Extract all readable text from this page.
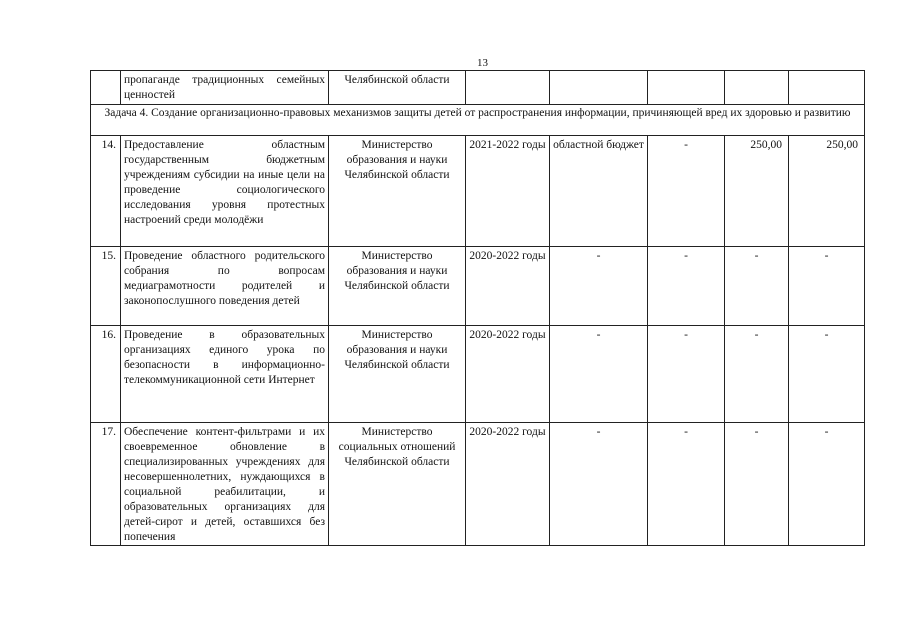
13
	пропаганде традиционных семейных ценностей	Челябинской области					
Задача 4. Создание организационно-правовых механизмов защиты детей от распространения информации, причиняющей вред их здоровью и развитию							
14.	Предоставление областным государственным бюджетным учреждениям субсидии на иные цели на проведение социологического исследования уровня протестных настроений среди молодёжи	Министерство образования и науки Челябинской области	2021-2022 годы	областной бюджет	-	250,00	250,00
15.	Проведение областного родительского собрания по вопросам медиаграмотности родителей и законопослушного поведения детей	Министерство образования и науки Челябинской области	2020-2022 годы	-	-	-	-
16.	Проведение в образовательных организациях единого урока по безопасности в информационно-телекоммуникационной сети Интернет	Министерство образования и науки Челябинской области	2020-2022 годы	-	-	-	-
17.	Обеспечение контент-фильтрами и их своевременное обновление в специализированных учреждениях для несовершеннолетних, нуждающихся в социальной реабилитации, и образовательных организациях для детей-сирот и детей, оставшихся без попечения	Министерство социальных отношений Челябинской области	2020-2022 годы	-	-	-	-
